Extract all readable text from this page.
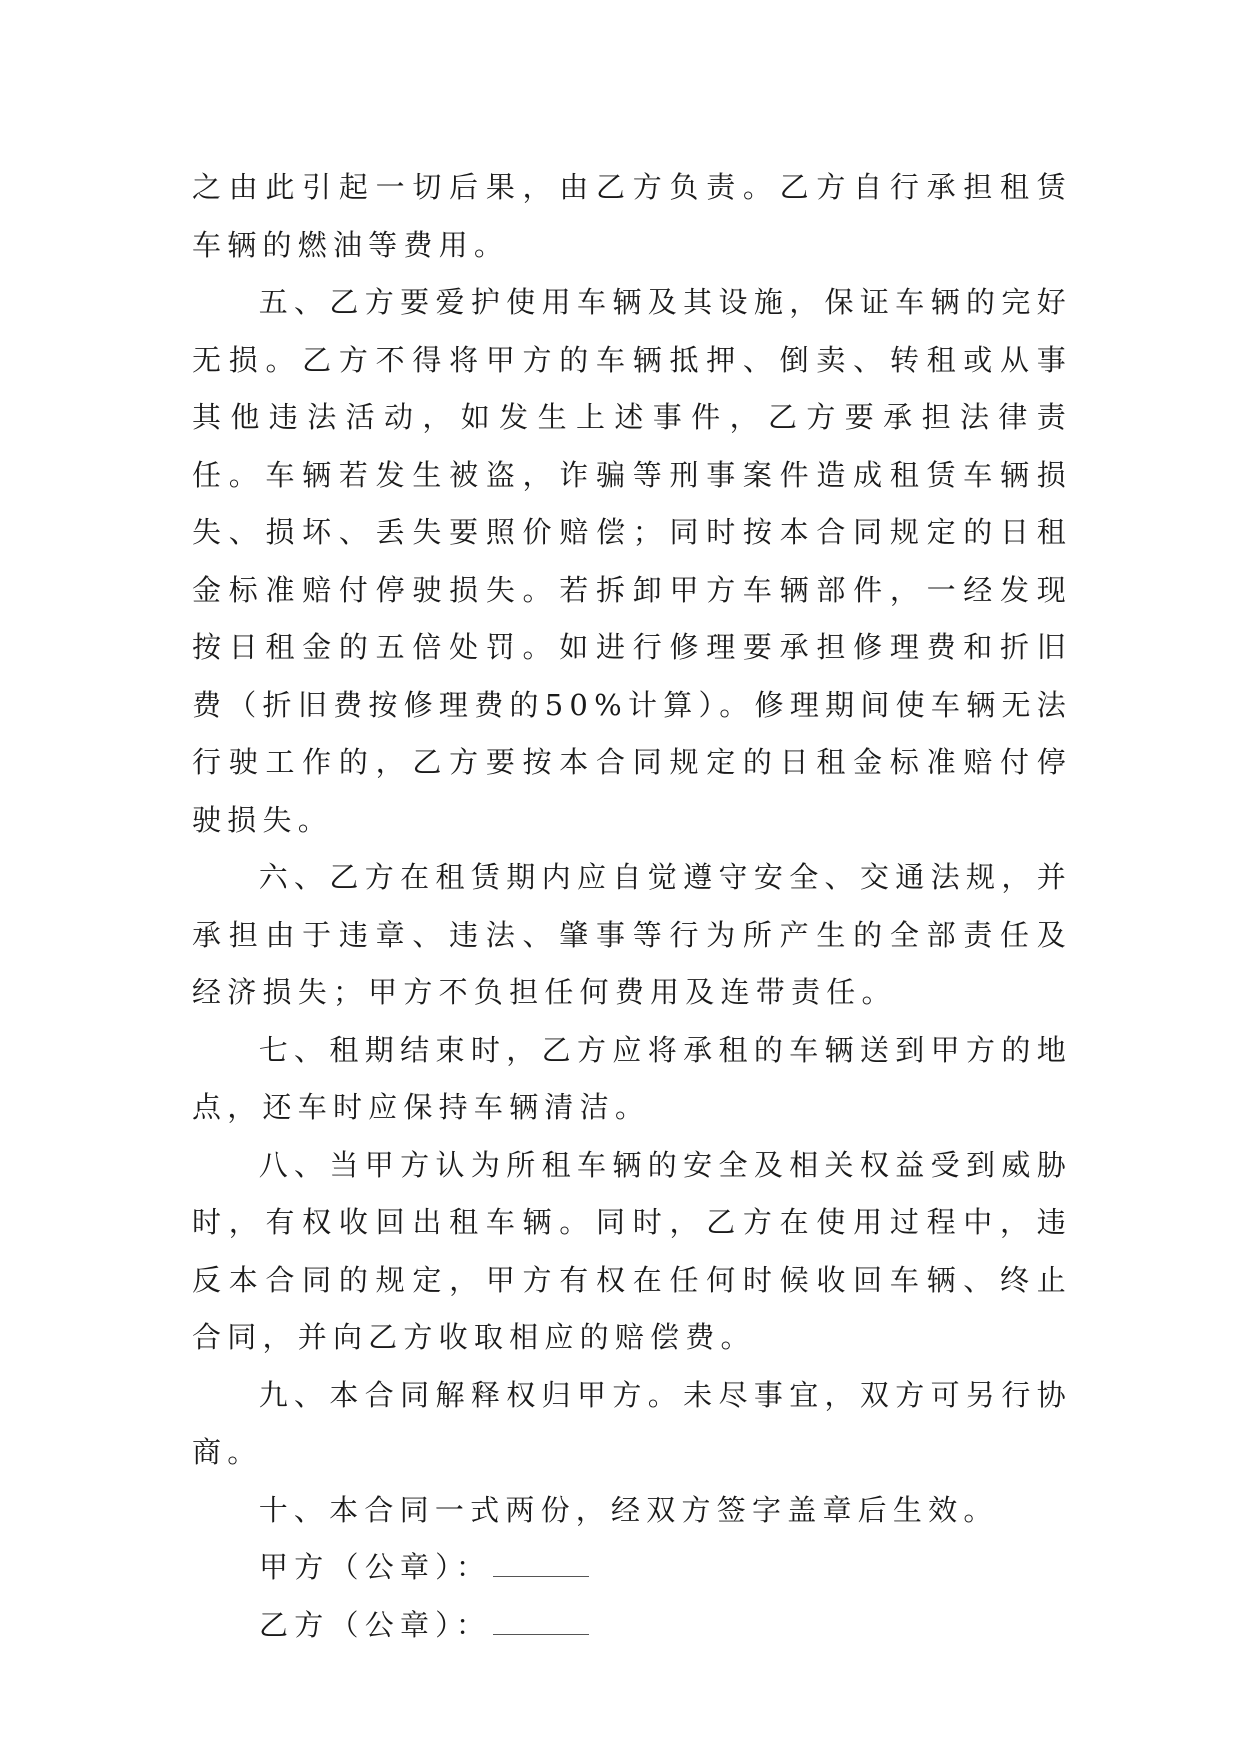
之由此引起一切后果，由乙方负责。乙方自行承担租赁车辆的燃油等费用。

五、乙方要爱护使用车辆及其设施，保证车辆的完好无损。乙方不得将甲方的车辆抵押、倒卖、转租或从事其他违法活动，如发生上述事件，乙方要承担法律责任。车辆若发生被盗，诈骗等刑事案件造成租赁车辆损失、损坏、丢失要照价赔偿；同时按本合同规定的日租金标准赔付停驶损失。若拆卸甲方车辆部件，一经发现按日租金的五倍处罚。如进行修理要承担修理费和折旧费（折旧费按修理费的50%计算）。修理期间使车辆无法行驶工作的，乙方要按本合同规定的日租金标准赔付停驶损失。

六、乙方在租赁期内应自觉遵守安全、交通法规，并承担由于违章、违法、肇事等行为所产生的全部责任及经济损失；甲方不负担任何费用及连带责任。

七、租期结束时，乙方应将承租的车辆送到甲方的地点，还车时应保持车辆清洁。

八、当甲方认为所租车辆的安全及相关权益受到威胁时，有权收回出租车辆。同时，乙方在使用过程中，违反本合同的规定，甲方有权在任何时候收回车辆、终止合同，并向乙方收取相应的赔偿费。

九、本合同解释权归甲方。未尽事宜，双方可另行协商。

十、本合同一式两份，经双方签字盖章后生效。

甲方（公章）：
乙方（公章）：
